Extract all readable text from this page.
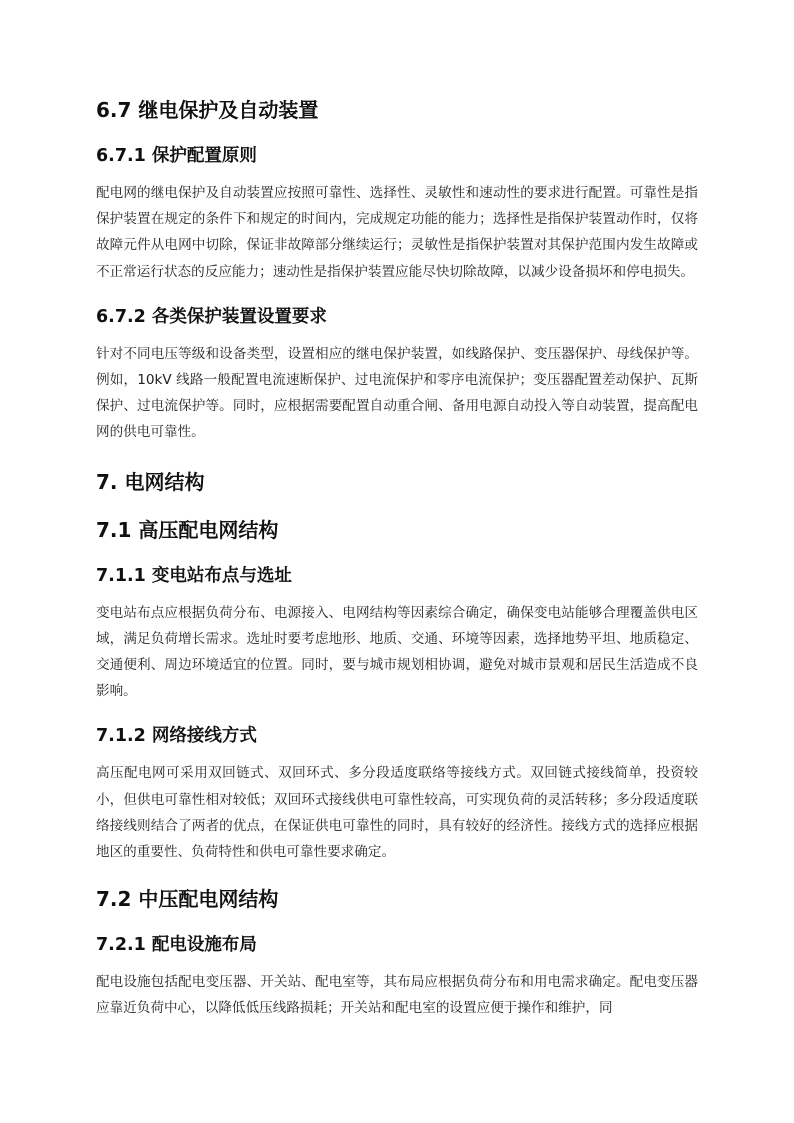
6.7 继电保护及自动装置
6.7.1 保护配置原则

配电网的继电保护及自动装置应按照可靠性、选择性、灵敏性和速动性的要求进行配置。可靠性是指保护装置在规定的条件下和规定的时间内，完成规定功能的能力；选择性是指保护装置动作时，仅将故障元件从电网中切除，保证非故障部分继续运行；灵敏性是指保护装置对其保护范围内发生故障或不正常运行状态的反应能力；速动性是指保护装置应能尽快切除故障，以减少设备损坏和停电损失。

6.7.2 各类保护装置设置要求

针对不同电压等级和设备类型，设置相应的继电保护装置，如线路保护、变压器保护、母线保护等。例如，10kV 线路一般配置电流速断保护、过电流保护和零序电流保护；变压器配置差动保护、瓦斯保护、过电流保护等。同时，应根据需要配置自动重合闸、备用电源自动投入等自动装置，提高配电网的供电可靠性。

7. 电网结构
7.1 高压配电网结构
7.1.1 变电站布点与选址

变电站布点应根据负荷分布、电源接入、电网结构等因素综合确定，确保变电站能够合理覆盖供电区域，满足负荷增长需求。选址时要考虑地形、地质、交通、环境等因素，选择地势平坦、地质稳定、交通便利、周边环境适宜的位置。同时，要与城市规划相协调，避免对城市景观和居民生活造成不良影响。

7.1.2 网络接线方式

高压配电网可采用双回链式、双回环式、多分段适度联络等接线方式。双回链式接线简单，投资较小，但供电可靠性相对较低；双回环式接线供电可靠性较高，可实现负荷的灵活转移；多分段适度联络接线则结合了两者的优点，在保证供电可靠性的同时，具有较好的经济性。接线方式的选择应根据地区的重要性、负荷特性和供电可靠性要求确定。

7.2 中压配电网结构
7.2.1 配电设施布局

配电设施包括配电变压器、开关站、配电室等，其布局应根据负荷分布和用电需求确定。配电变压器应靠近负荷中心，以降低低压线路损耗；开关站和配电室的设置应便于操作和维护，同
